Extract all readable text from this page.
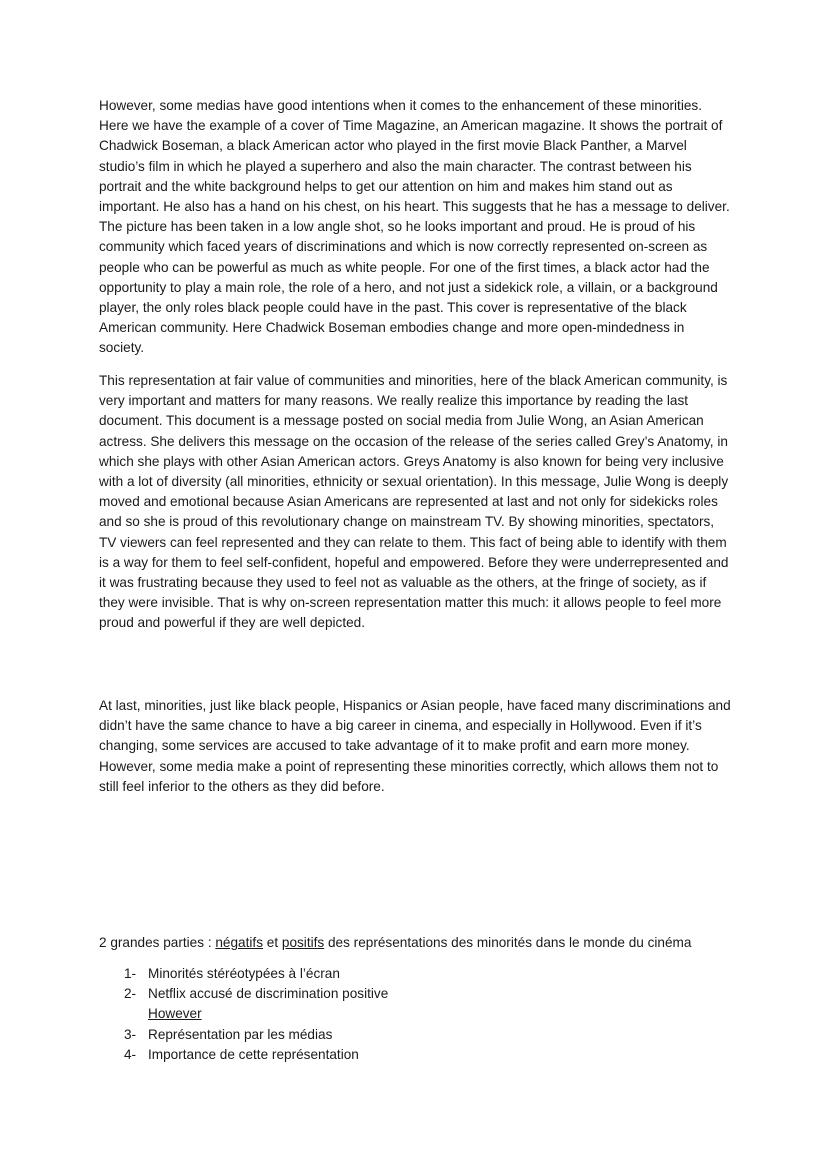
However, some medias have good intentions when it comes to the enhancement of these minorities. Here we have the example of a cover of Time Magazine, an American magazine. It shows the portrait of Chadwick Boseman, a black American actor who played in the first movie Black Panther, a Marvel studio’s film in which he played a superhero and also the main character. The contrast between his portrait and the white background helps to get our attention on him and makes him stand out as important. He also has a hand on his chest, on his heart. This suggests that he has a message to deliver. The picture has been taken in a low angle shot, so he looks important and proud. He is proud of his community which faced years of discriminations and which is now correctly represented on-screen as people who can be powerful as much as white people. For one of the first times, a black actor had the opportunity to play a main role, the role of a hero, and not just a sidekick role, a villain, or a background player, the only roles black people could have in the past. This cover is representative of the black American community. Here Chadwick Boseman embodies change and more open-mindedness in society.

This representation at fair value of communities and minorities, here of the black American community, is very important and matters for many reasons. We really realize this importance by reading the last document. This document is a message posted on social media from Julie Wong, an Asian American actress. She delivers this message on the occasion of the release of the series called Grey’s Anatomy, in which she plays with other Asian American actors. Greys Anatomy is also known for being very inclusive with a lot of diversity (all minorities, ethnicity or sexual orientation). In this message, Julie Wong is deeply moved and emotional because Asian Americans are represented at last and not only for sidekicks roles and so she is proud of this revolutionary change on mainstream TV. By showing minorities, spectators, TV viewers can feel represented and they can relate to them. This fact of being able to identify with them is a way for them to feel self-confident, hopeful and empowered. Before they were underrepresented and it was frustrating because they used to feel not as valuable as the others, at the fringe of society, as if they were invisible. That is why on-screen representation matter this much: it allows people to feel more proud and powerful if they are well depicted.

At last, minorities, just like black people, Hispanics or Asian people, have faced many discriminations and didn’t have the same chance to have a big career in cinema, and especially in Hollywood. Even if it’s changing, some services are accused to take advantage of it to make profit and earn more money. However, some media make a point of representing these minorities correctly, which allows them not to still feel inferior to the others as they did before.

2 grandes parties : négatifs et positifs des représentations des minorités dans le monde du cinéma

1- Minorités stéréotypées à l’écran
2- Netflix accusé de discrimination positive
However
3- Représentation par les médias
4- Importance de cette représentation
